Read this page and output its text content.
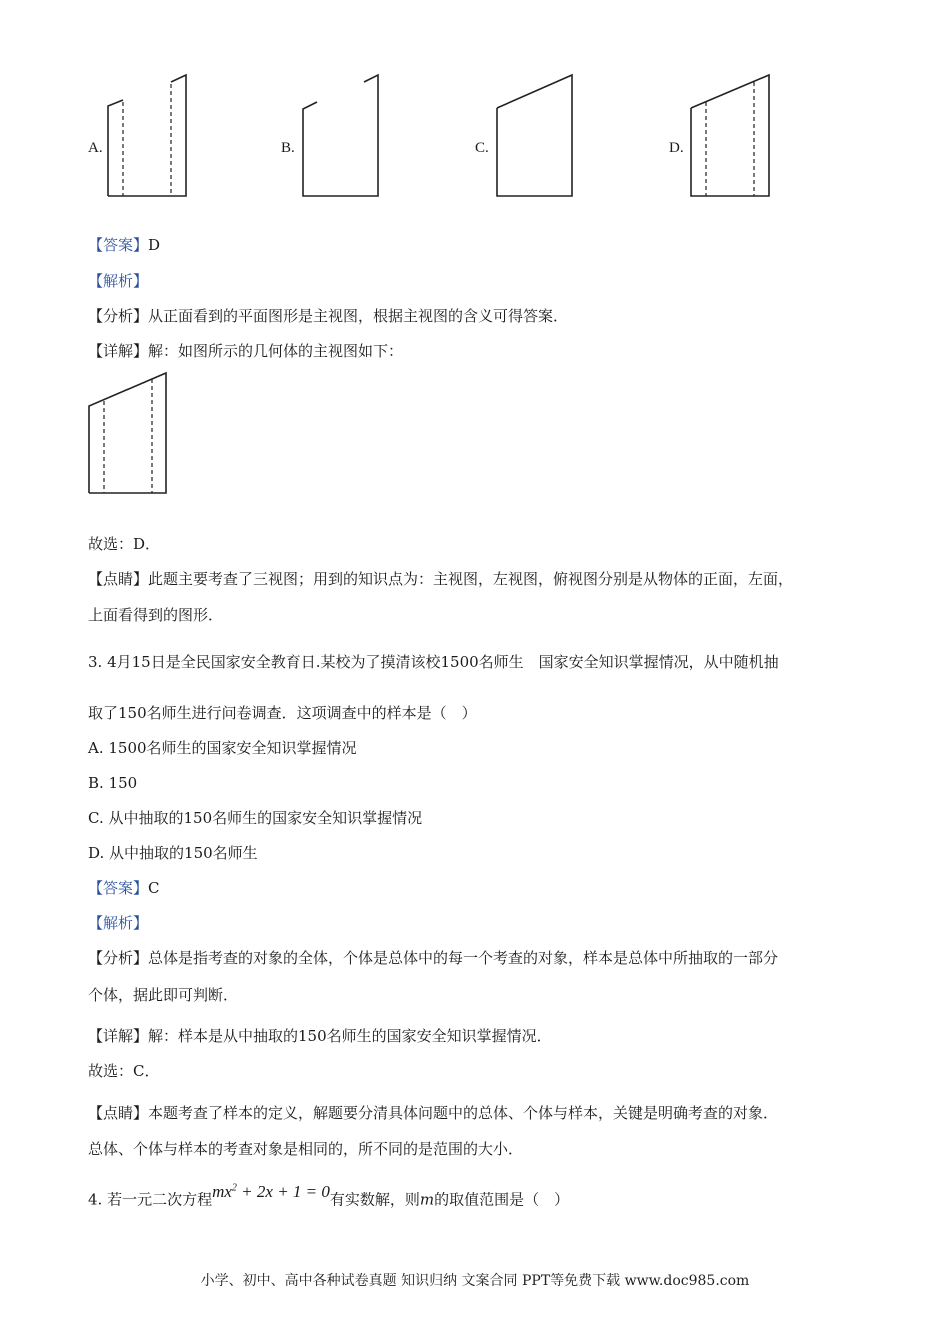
A.	B.	C.	D.
【答案】D
【解析】
【分析】从正面看到的平面图形是主视图，根据主视图的含义可得答案．
【详解】解：如图所示的几何体的主视图如下：
故选：D．
【点睛】此题主要考查了三视图；用到的知识点为：主视图，左视图，俯视图分别是从物体的正面，左面，
上面看得到的图形．
3. 4月15日是全民国家安全教育日.某校为了摸清该校1500名师生　国家安全知识掌握情况，从中随机抽
取了150名师生进行问卷调查．这项调查中的样本是（　）
A. 1500名师生的国家安全知识掌握情况
B. 150
C. 从中抽取的150名师生的国家安全知识掌握情况
D. 从中抽取的150名师生
【答案】C
【解析】
【分析】总体是指考查的对象的全体，个体是总体中的每一个考查的对象，样本是总体中所抽取的一部分
个体，据此即可判断．
【详解】解：样本是从中抽取的150名师生的国家安全知识掌握情况．
故选：C．
【点睛】本题考查了样本的定义，解题要分清具体问题中的总体、个体与样本，关键是明确考查的对象．
总体、个体与样本的考查对象是相同的，所不同的是范围的大小．
4. 若一元二次方程$mx^2 + 2x + 1 = 0$有实数解，则m的取值范围是（　）
小学、初中、高中各种试卷真题 知识归纳 文案合同 PPT等免费下载 www.doc985.com
